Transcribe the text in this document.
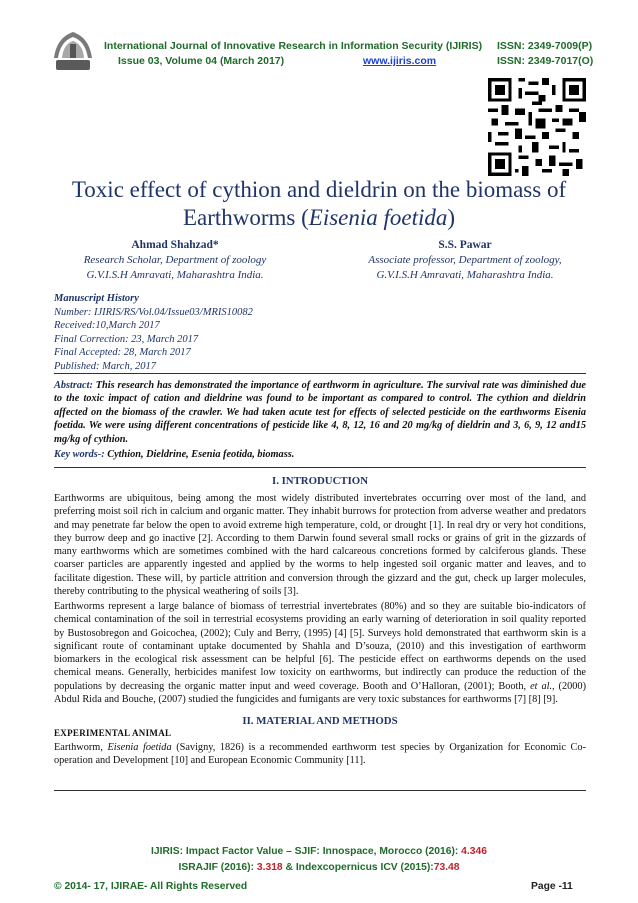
International Journal of Innovative Research in Information Security (IJIRIS)
Issue 03, Volume 04 (March 2017)	www.ijiris.com
ISSN: 2349-7009(P)
ISSN: 2349-7017(O)
Toxic effect of cythion and dieldrin on the biomass of
Earthworms (Eisenia foetida)
Ahmad Shahzad*
Research Scholar, Department of zoology
G.V.I.S.H Amravati, Maharashtra India.
S.S. Pawar
Associate professor, Department of zoology,
G.V.I.S.H Amravati, Maharashtra India.
Manuscript History
Number: IJIRIS/RS/Vol.04/Issue03/MRIS10082
Received:10,March 2017
Final Correction: 23, March 2017
Final Accepted: 28, March 2017
Published: March, 2017
Abstract: This research has demonstrated the importance of earthworm in agriculture. The survival rate was diminished due to the toxic impact of cation and dieldrine was found to be important as compared to control. The cythion and dieldrin affected on the biomass of the crawler. We had taken acute test for effects of selected pesticide on the earthworms Eisenia foetida. We were using different concentrations of pesticide like 4, 8, 12, 16 and 20 mg/kg of dieldrin and 3, 6, 9, 12 and15 mg/kg of cythion.
Key words-: Cythion, Dieldrine, Esenia feotida, biomass.
I. INTRODUCTION
Earthworms are ubiquitous, being among the most widely distributed invertebrates occurring over most of the land, and preferring moist soil rich in calcium and organic matter. They inhabit burrows for protection from adverse weather and predators and may penetrate far below the open to avoid extreme high temperature, cold, or drought [1]. In real dry or very hot conditions, they burrow deep and go inactive [2]. According to them Darwin found several small rocks or grains of grit in the gizzards of many earthworms which are sometimes combined with the hard calcareous concretions formed by calciferous glands. These coarser particles are apparently ingested and applied by the worms to help ingested soil organic matter and leaves, and to facilitate digestion. These will, by particle attrition and conversion through the gizzard and the gut, check up larger molecules, thereby contributing to the physical weathering of soils [3].
Earthworms represent a large balance of biomass of terrestrial invertebrates (80%) and so they are suitable bio-indicators of chemical contamination of the soil in terrestrial ecosystems providing an early warning of deterioration in soil quality reported by Bustosobregon and Goicochea, (2002); Culy and Berry, (1995) [4] [5]. Surveys hold demonstrated that earthworm skin is a significant route of contaminant uptake documented by Shahla and D’souza, (2010) and this investigation of earthworm biomarkers in the ecological risk assessment can be helpful [6]. The pesticide effect on earthworms depends on the used chemical means. Generally, herbicides manifest low toxicity on earthworms, but indirectly can produce the reduction of the populations by decreasing the organic matter input and weed coverage. Booth and O’Halloran, (2001); Booth, et al., (2000) Abdul Rida and Bouche, (2007) studied the fungicides and fumigants are very toxic substances for earthworms [7] [8] [9].
II. MATERIAL AND METHODS
EXPERIMENTAL ANIMAL
Earthworm, Eisenia foetida (Savigny, 1826) is a recommended earthworm test species by Organization for Economic Co-operation and Development [10] and European Economic Community [11].
IJIRIS: Impact Factor Value – SJIF: Innospace, Morocco (2016): 4.346
ISRAJIF (2016): 3.318 & Indexcopernicus ICV (2015):73.48
© 2014- 17, IJIRAE- All Rights Reserved	Page -11
